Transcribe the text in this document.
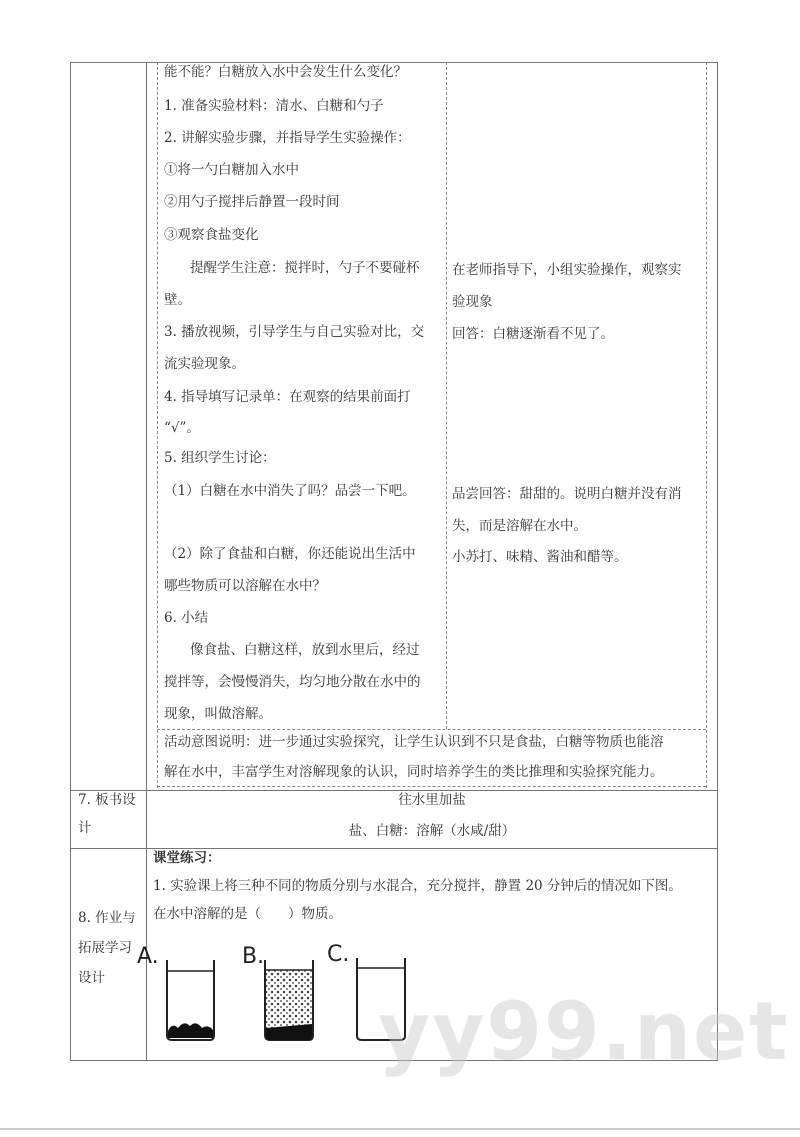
能不能？白糖放入水中会发生什么变化？
1. 准备实验材料：清水、白糖和勺子
2. 讲解实验步骤，并指导学生实验操作：
①将一勺白糖加入水中
②用勺子搅拌后静置一段时间
③观察食盐变化
提醒学生注意：搅拌时，勺子不要碰杯
壁。
3. 播放视频，引导学生与自己实验对比，交
流实验现象。
4. 指导填写记录单：在观察的结果前面打
“√”。
5. 组织学生讨论：
（1）白糖在水中消失了吗？品尝一下吧。
（2）除了食盐和白糖，你还能说出生活中
哪些物质可以溶解在水中？
6. 小结
像食盐、白糖这样，放到水里后，经过
搅拌等，会慢慢消失，均匀地分散在水中的
现象，叫做溶解。
在老师指导下，小组实验操作，观察实
验现象
回答：白糖逐渐看不见了。
品尝回答：甜甜的。说明白糖并没有消
失，而是溶解在水中。
小苏打、味精、酱油和醋等。
活动意图说明：进一步通过实验探究，让学生认识到不只是食盐，白糖等物质也能溶
解在水中，丰富学生对溶解现象的认识，同时培养学生的类比推理和实验探究能力。
7. 板书设
计
往水里加盐
盐、白糖：溶解（水咸/甜）
8. 作业与
拓展学习
设计
课堂练习：
1. 实验课上将三种不同的物质分别与水混合，充分搅拌，静置 20 分钟后的情况如下图。
在水中溶解的是（　　）物质。
A.	B.	C.
yy99.net
